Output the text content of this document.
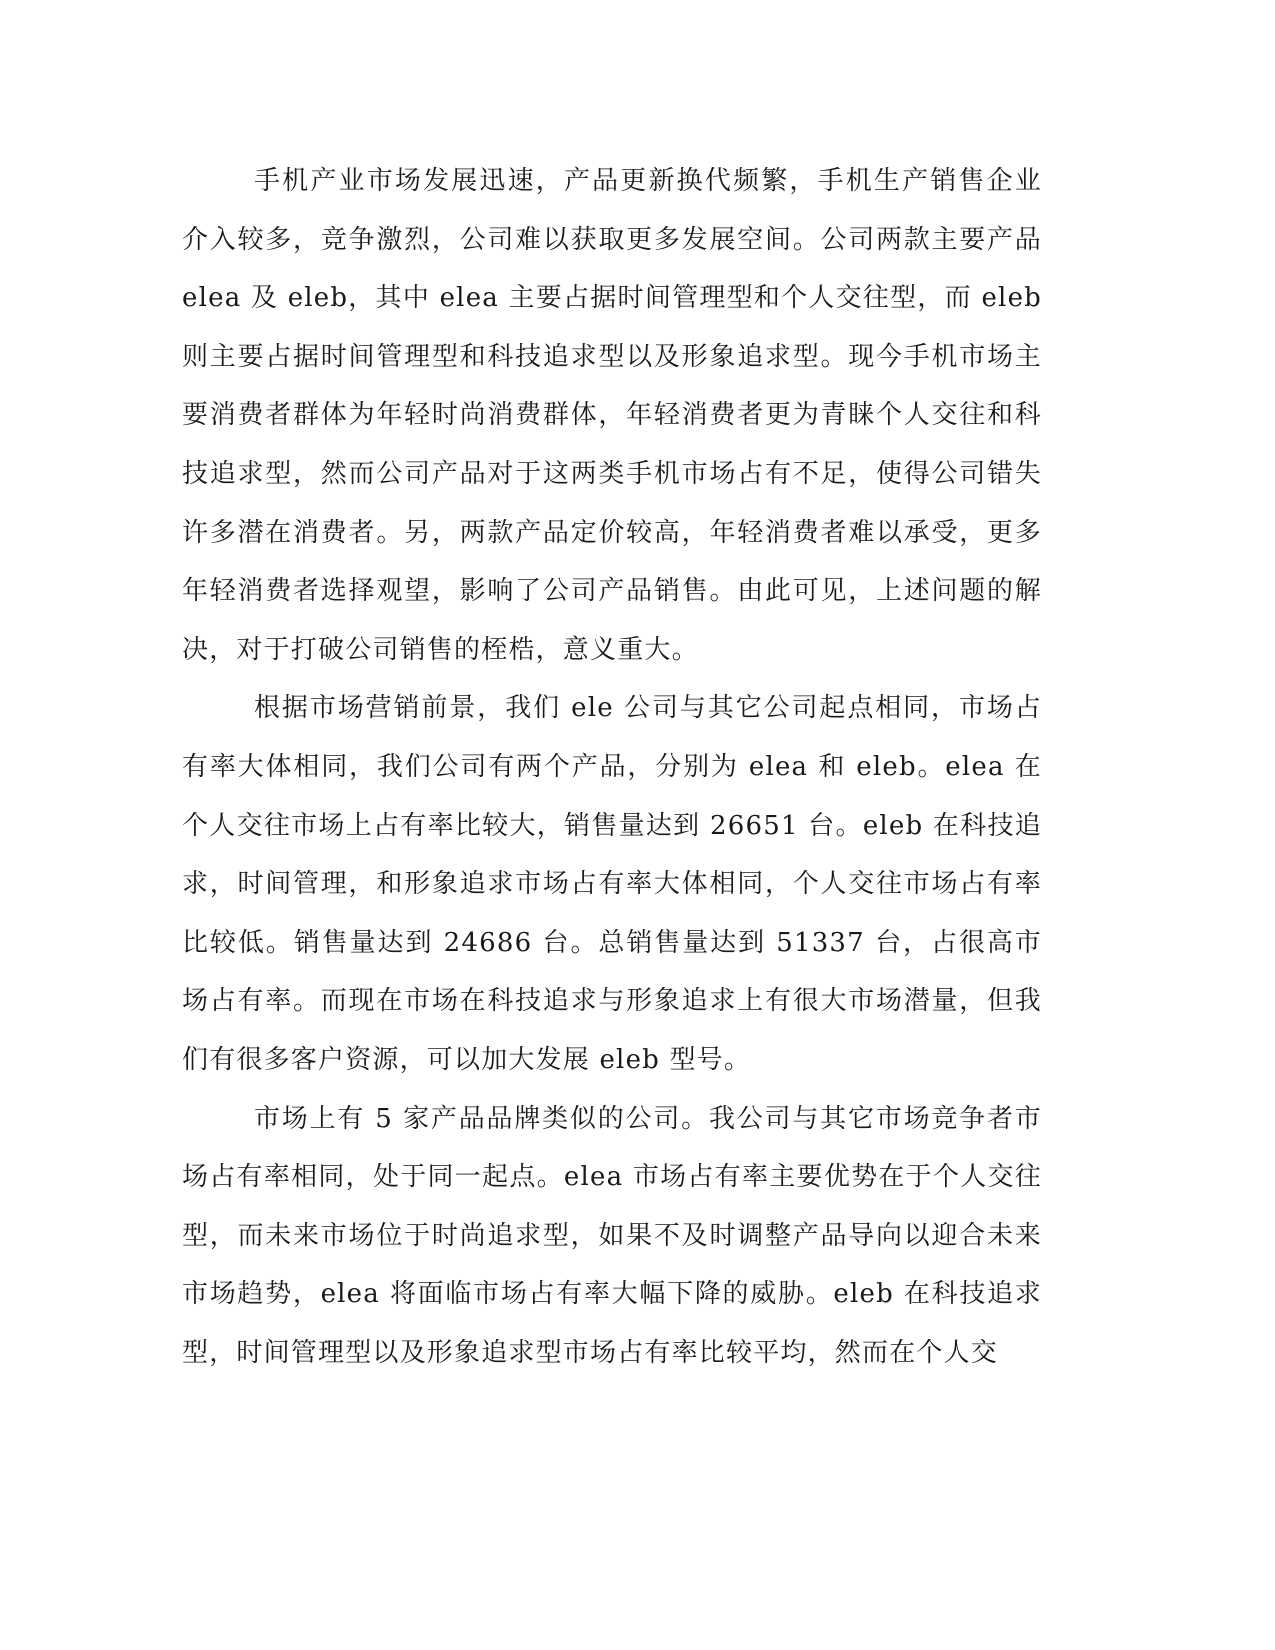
手机产业市场发展迅速，产品更新换代频繁，手机生产销售企业介入较多，竞争激烈，公司难以获取更多发展空间。公司两款主要产品 elea 及 eleb，其中 elea 主要占据时间管理型和个人交往型，而 eleb 则主要占据时间管理型和科技追求型以及形象追求型。现今手机市场主要消费者群体为年轻时尚消费群体，年轻消费者更为青睐个人交往和科技追求型，然而公司产品对于这两类手机市场占有不足，使得公司错失许多潜在消费者。另，两款产品定价较高，年轻消费者难以承受，更多年轻消费者选择观望，影响了公司产品销售。由此可见，上述问题的解决，对于打破公司销售的桎梏，意义重大。

根据市场营销前景，我们 ele 公司与其它公司起点相同，市场占有率大体相同，我们公司有两个产品，分别为 elea 和 eleb。elea 在个人交往市场上占有率比较大，销售量达到 26651 台。eleb 在科技追求，时间管理，和形象追求市场占有率大体相同，个人交往市场占有率比较低。销售量达到 24686 台。总销售量达到 51337 台，占很高市场占有率。而现在市场在科技追求与形象追求上有很大市场潜量，但我们有很多客户资源，可以加大发展 eleb 型号。

市场上有 5 家产品品牌类似的公司。我公司与其它市场竞争者市场占有率相同，处于同一起点。elea 市场占有率主要优势在于个人交往型，而未来市场位于时尚追求型，如果不及时调整产品导向以迎合未来市场趋势，elea 将面临市场占有率大幅下降的威胁。eleb 在科技追求型，时间管理型以及形象追求型市场占有率比较平均，然而在个人交
